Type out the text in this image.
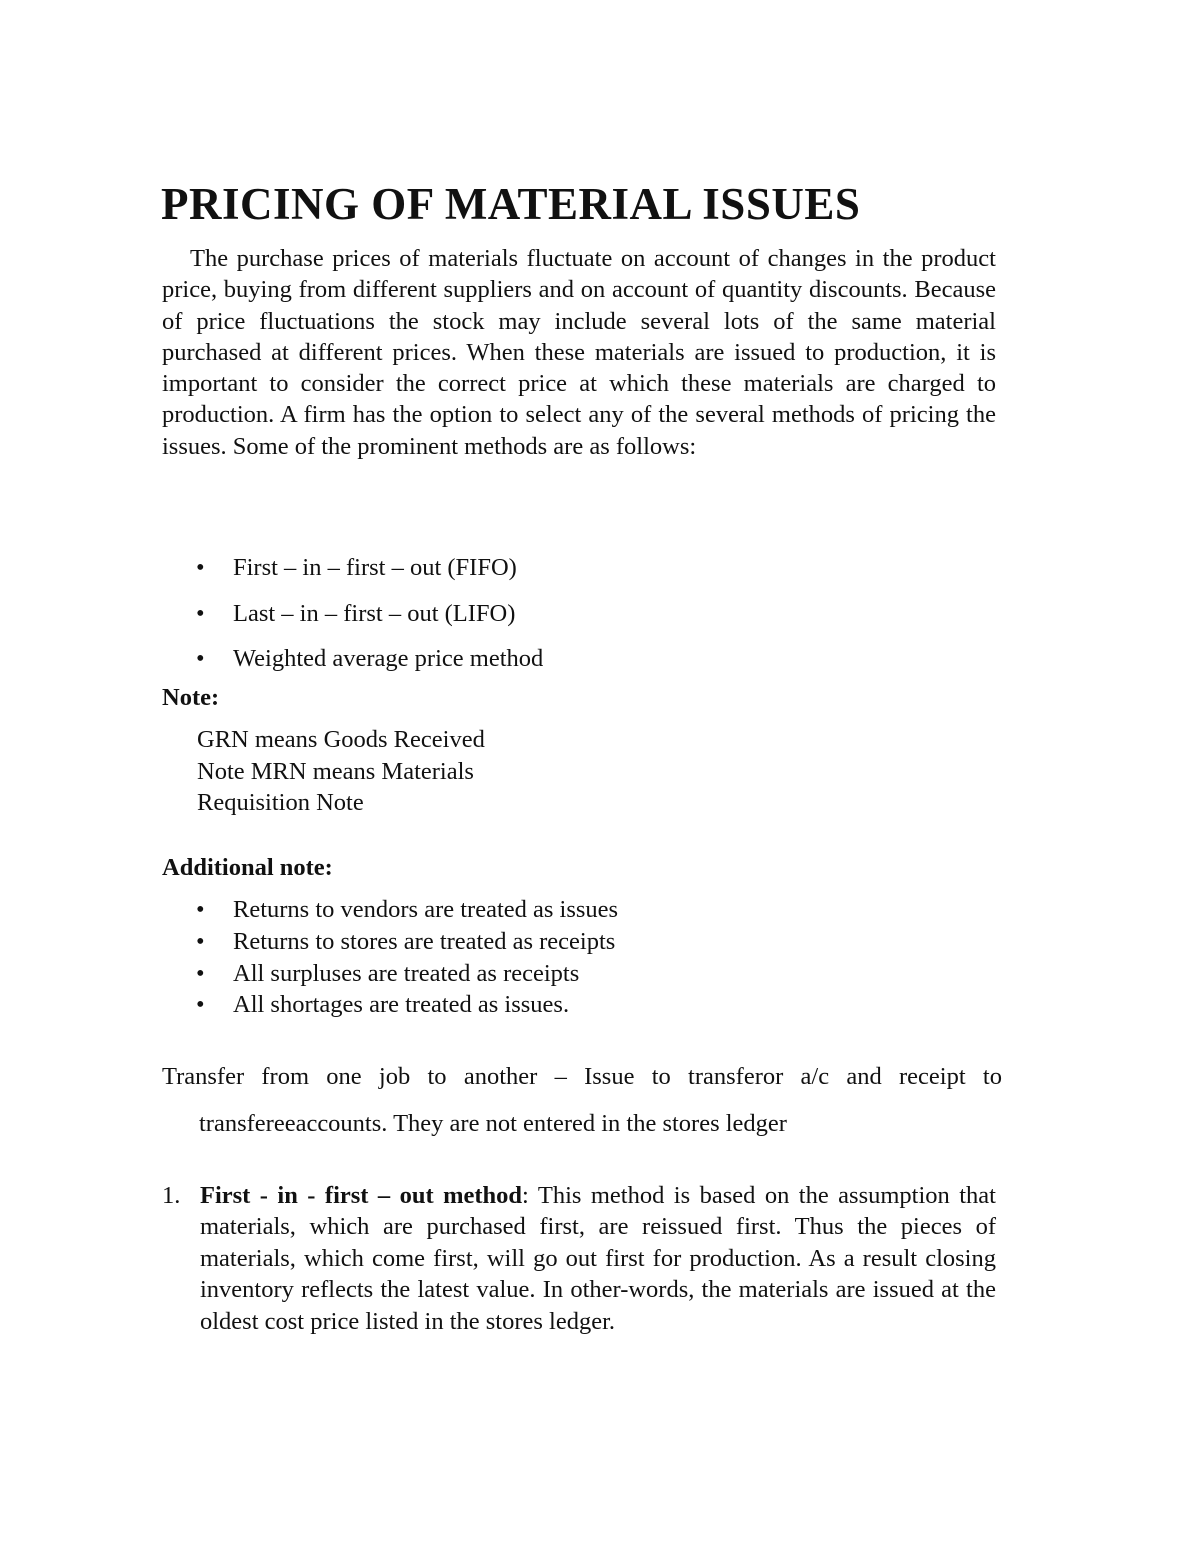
PRICING OF MATERIAL ISSUES

The purchase prices of materials fluctuate on account of changes in the product price, buying from different suppliers and on account of quantity discounts. Because of price fluctuations the stock may include several lots of the same material purchased at different prices. When these materials are issued to production, it is important to consider the correct price at which these materials are charged to production. A firm has the option to select any of the several methods of pricing the issues. Some of the prominent methods are as follows:

• First – in – first – out (FIFO)
• Last – in – first – out (LIFO)
• Weighted average price method
Note:
GRN means Goods Received
Note MRN means Materials
Requisition Note
Additional note:
• Returns to vendors are treated as issues
• Returns to stores are treated as receipts
• All surpluses are treated as receipts
• All shortages are treated as issues.

Transfer from one job to another – Issue to transferor a/c and receipt to
transfereeaccounts. They are not entered in the stores ledger

1. First - in - first – out method: This method is based on the assumption that materials, which are purchased first, are reissued first. Thus the pieces of materials, which come first, will go out first for production. As a result closing inventory reflects the latest value. In other-words, the materials are issued at the oldest cost price listed in the stores ledger.
